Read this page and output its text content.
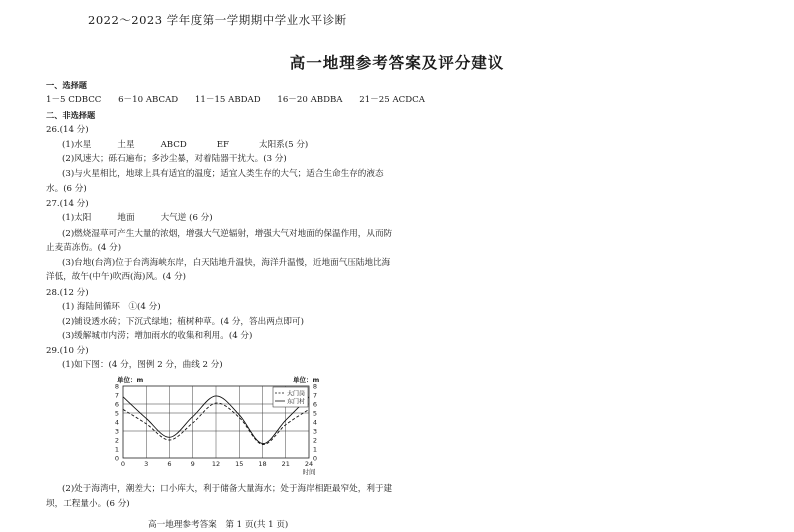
2022～2023 学年度第一学期期中学业水平诊断
高一地理参考答案及评分建议
一、选择题
1－5 CDBCC 6－10 ABCAD 11－15 ABDAD 16－20 ABDBA 21－25 ACDCA
二、非选择题
26.(14 分)
(1)水星	土星	ABCD	EF	太阳系(5 分)
(2)风速大；砾石遍布；多沙尘暴，对着陆器干扰大。(3 分)
(3)与火星相比，地球上具有适宜的温度；适宜人类生存的大气；适合生命生存的液态
水。(6 分)
27.(14 分)
(1)太阳	地面	大气逆 (6 分)
(2)燃烧湿草可产生大量的浓烟，增强大气逆辐射，增强大气对地面的保温作用，从而防
止麦苗冻伤。(4 分)
(3)台地(台湾)位于台湾海峡东岸，白天陆地升温快，海洋升温慢，近地面气压陆地比海
洋低，故午(中午)吹西(海)风。(4 分)
28.(12 分)
(1) 海陆间循环　①(4 分)
(2)铺设透水砖；下沉式绿地；植树种草。(4 分，答出两点即可)
(3)缓解城市内涝；增加雨水的收集和利用。(4 分)
29.(10 分)
(1)如下图：(4 分，图例 2 分，曲线 2 分)
0	0
1	1
2	2
3	3
4	4
5	5
6	6
7	7
8	8
0	3	6	9	12 15 18 21 24
单位：m	单位：m
时间
大门岗
东门村
(2)处于海湾中，潮差大；口小库大，利于储备大量海水；处于海岸相距最窄处，利于建
坝，工程量小。(6 分)
高一地理参考答案　第 1 页(共 1 页)
